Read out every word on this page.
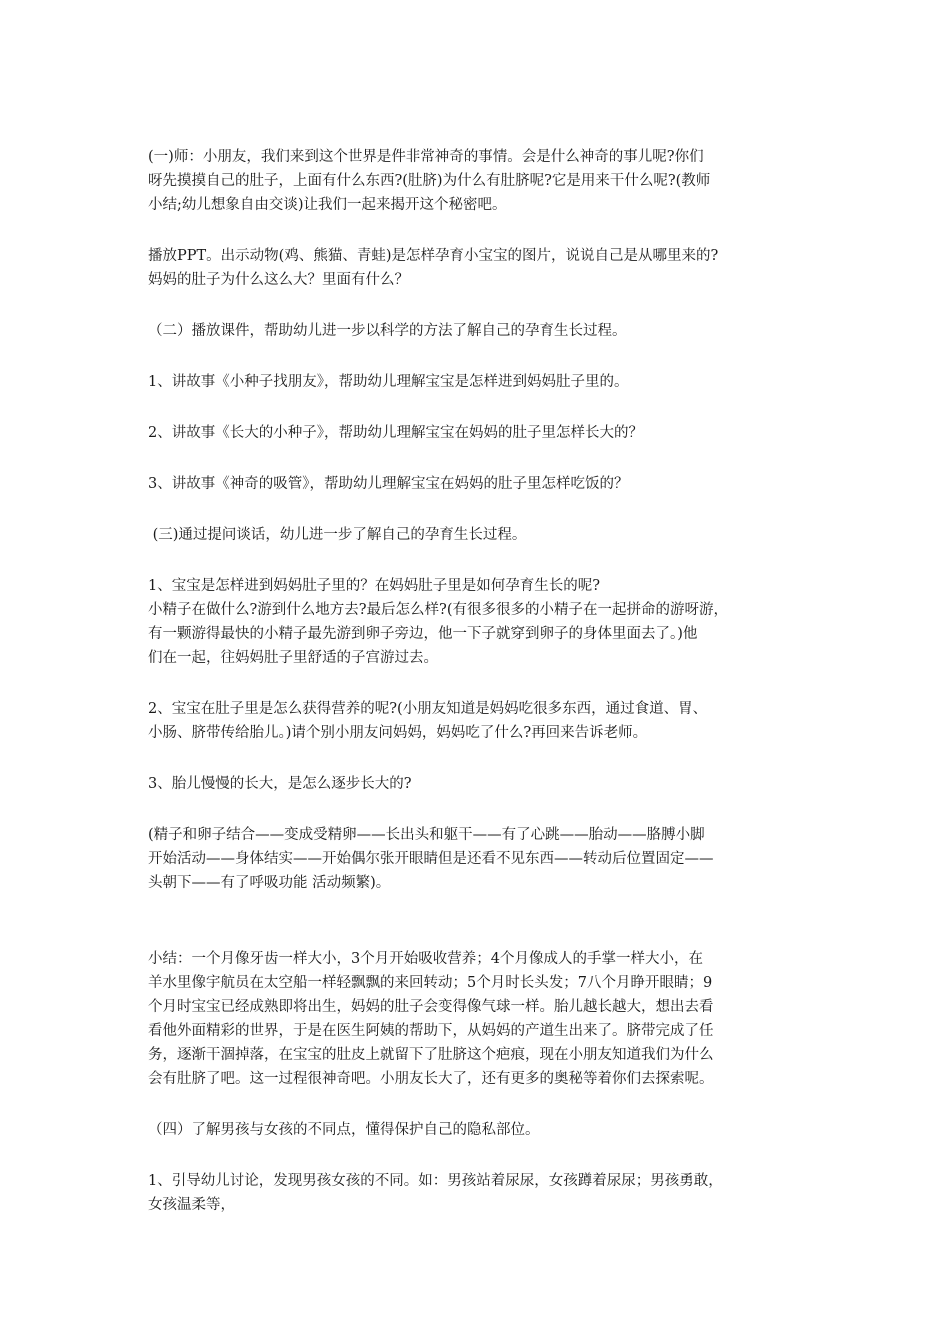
(一)师：小朋友，我们来到这个世界是件非常神奇的事情。会是什么神奇的事儿呢?你们
呀先摸摸自己的肚子，上面有什么东西?(肚脐)为什么有肚脐呢?它是用来干什么呢?(教师
小结;幼儿想象自由交谈)让我们一起来揭开这个秘密吧。

播放PPT。出示动物(鸡、熊猫、青蛙)是怎样孕育小宝宝的图片，说说自己是从哪里来的?
妈妈的肚子为什么这么大？里面有什么？

（二）播放课件，帮助幼儿进一步以科学的方法了解自己的孕育生长过程。

1、讲故事《小种子找朋友》，帮助幼儿理解宝宝是怎样进到妈妈肚子里的。

2、讲故事《长大的小种子》，帮助幼儿理解宝宝在妈妈的肚子里怎样长大的？

3、讲故事《神奇的吸管》，帮助幼儿理解宝宝在妈妈的肚子里怎样吃饭的？

(三)通过提问谈话，幼儿进一步了解自己的孕育生长过程。

1、宝宝是怎样进到妈妈肚子里的？在妈妈肚子里是如何孕育生长的呢?
小精子在做什么?游到什么地方去?最后怎么样?(有很多很多的小精子在一起拼命的游呀游，
有一颗游得最快的小精子最先游到卵子旁边，他一下子就穿到卵子的身体里面去了。)他
们在一起，往妈妈肚子里舒适的子宫游过去。

2、宝宝在肚子里是怎么获得营养的呢?(小朋友知道是妈妈吃很多东西，通过食道、胃、
小肠、脐带传给胎儿。)请个别小朋友问妈妈，妈妈吃了什么?再回来告诉老师。

3、胎儿慢慢的长大，是怎么逐步长大的?

(精子和卵子结合——变成受精卵——长出头和躯干——有了心跳——胎动——胳膊小脚
开始活动——身体结实——开始偶尔张开眼睛但是还看不见东西——转动后位置固定——
头朝下——有了呼吸功能 活动频繁)。

小结：一个月像牙齿一样大小，3个月开始吸收营养；4个月像成人的手掌一样大小，在
羊水里像宇航员在太空船一样轻飘飘的来回转动；5个月时长头发；7八个月睁开眼睛；9
个月时宝宝已经成熟即将出生，妈妈的肚子会变得像气球一样。胎儿越长越大，想出去看
看他外面精彩的世界，于是在医生阿姨的帮助下，从妈妈的产道生出来了。脐带完成了任
务，逐渐干涸掉落，在宝宝的肚皮上就留下了肚脐这个疤痕，现在小朋友知道我们为什么
会有肚脐了吧。这一过程很神奇吧。小朋友长大了，还有更多的奥秘等着你们去探索呢。

（四）了解男孩与女孩的不同点，懂得保护自己的隐私部位。

1、引导幼儿讨论，发现男孩女孩的不同。如：男孩站着尿尿，女孩蹲着尿尿；男孩勇敢，
女孩温柔等，
